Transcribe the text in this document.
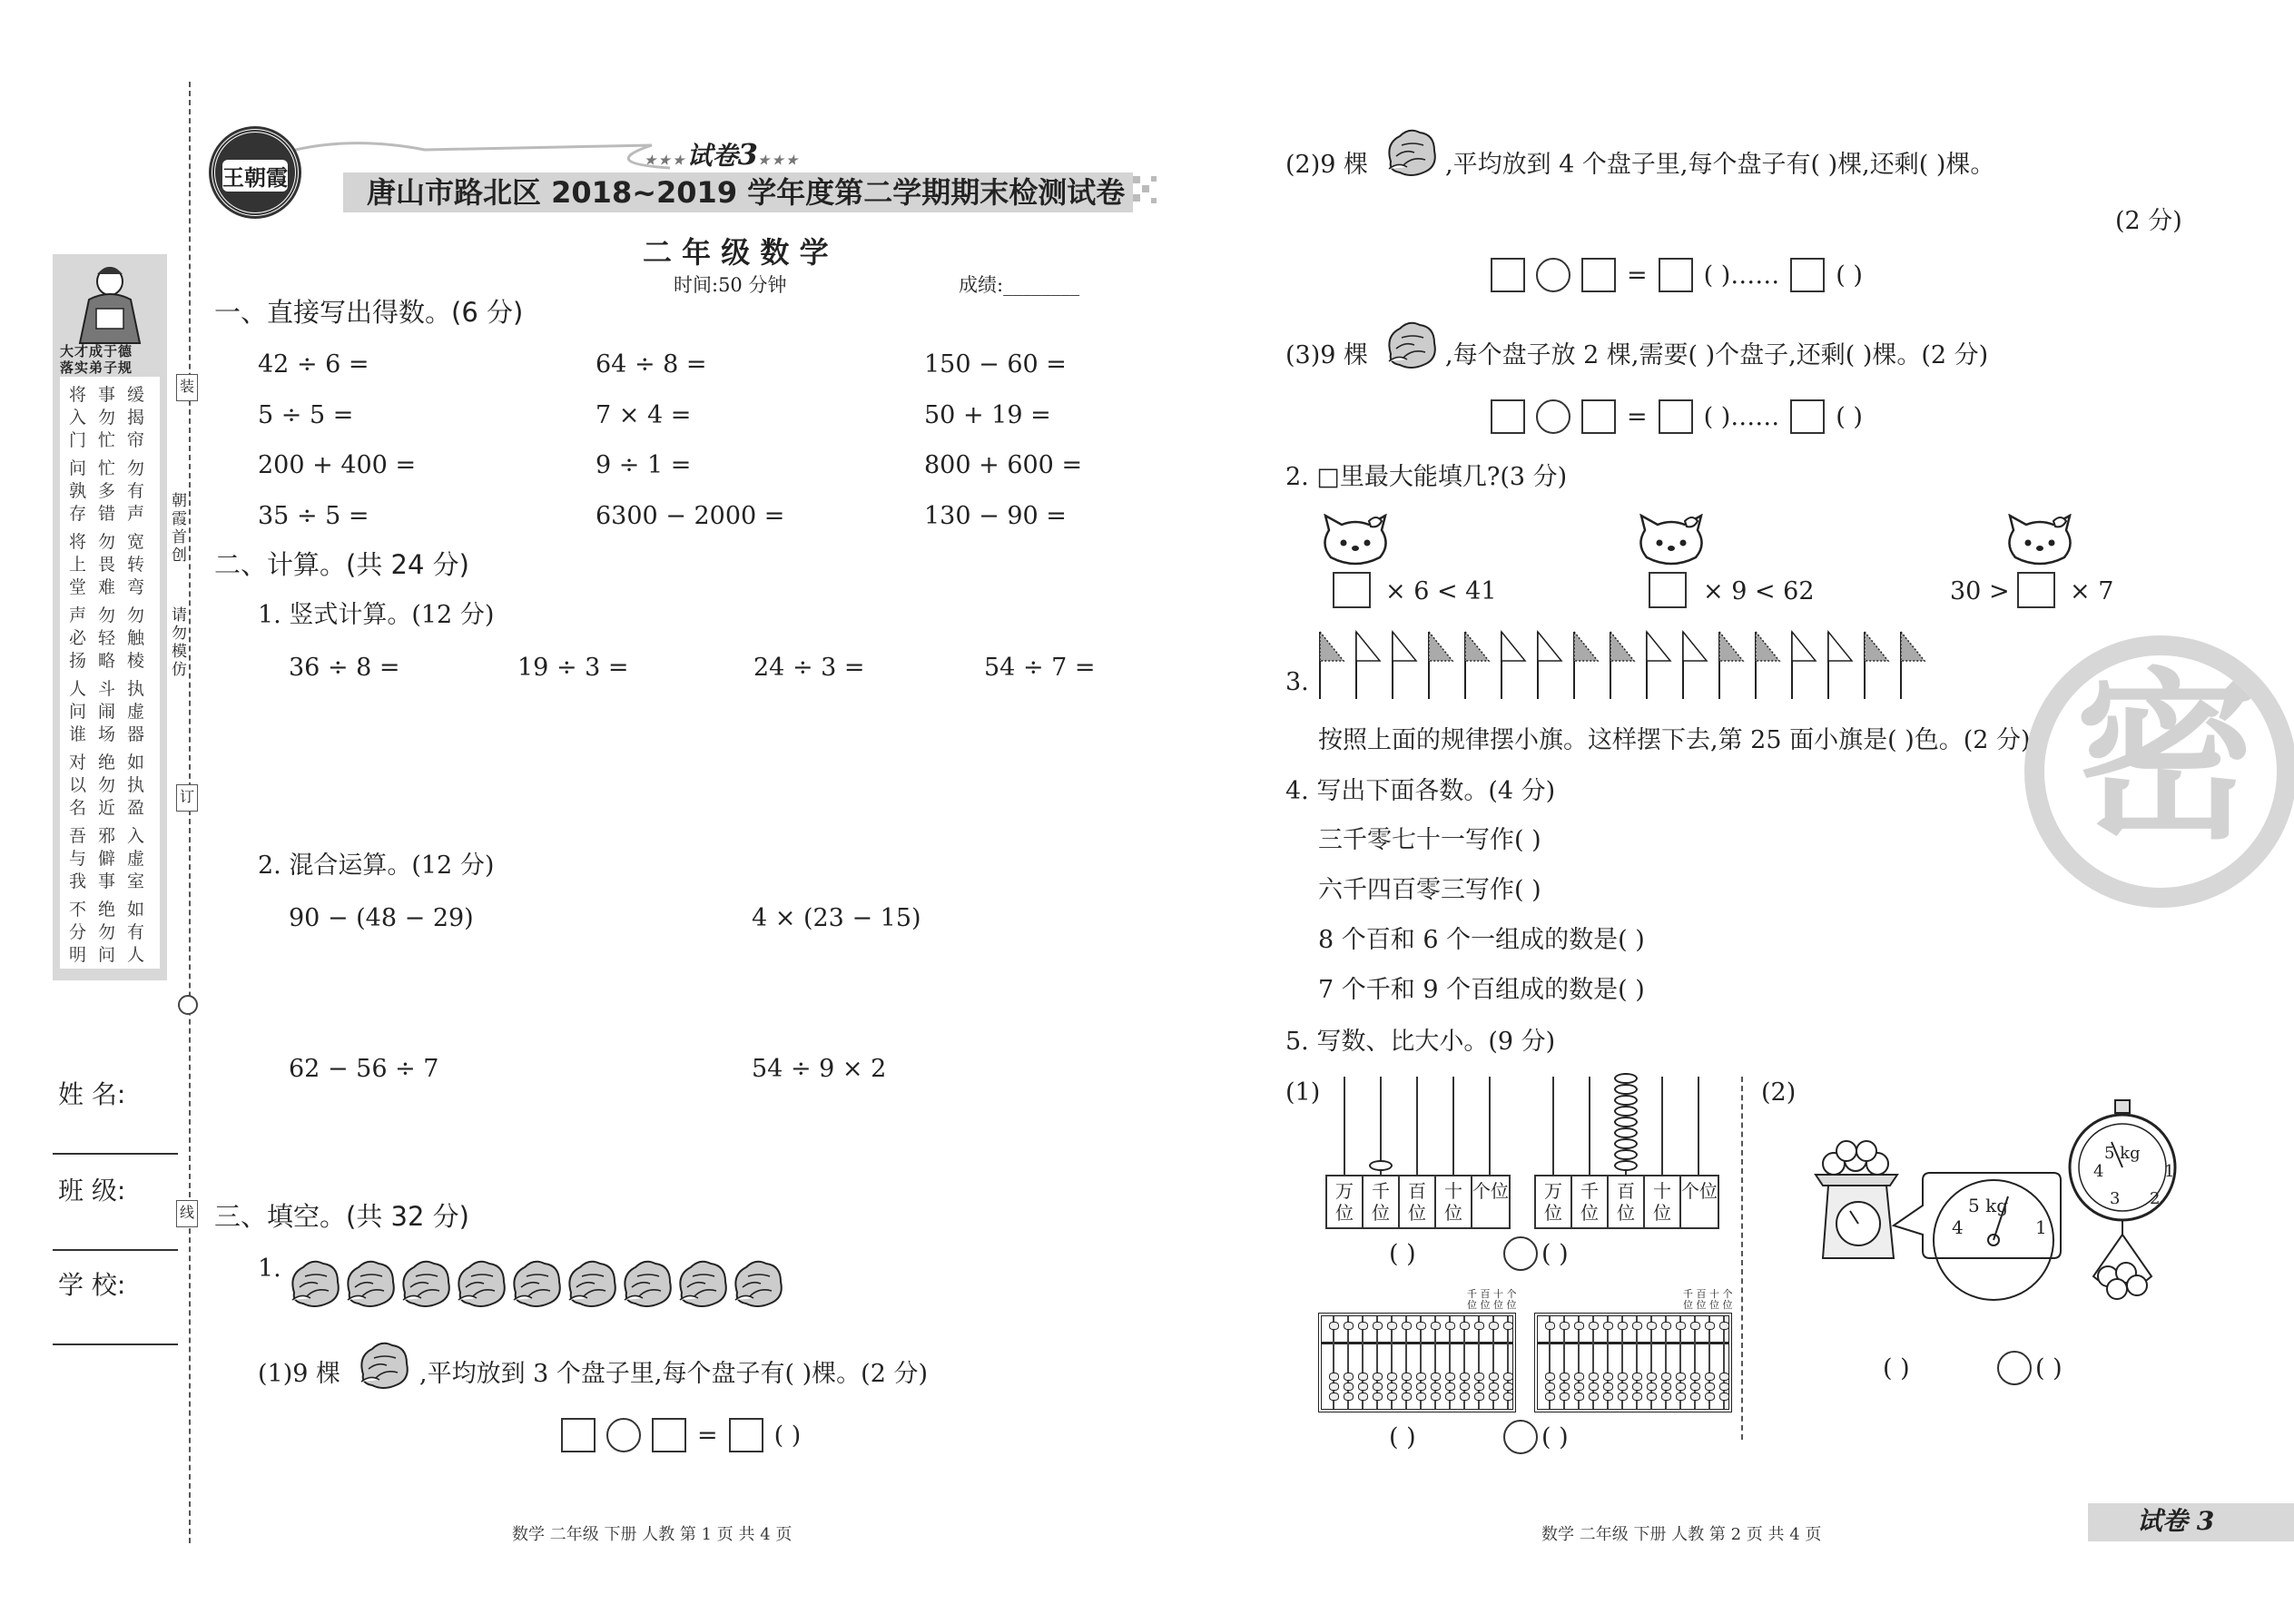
大才成于德
落实弟子规
将
入
门
事
勿
忙
缓
揭
帘
问
孰
存
忙
多
错
勿
有
声
将
上
堂
勿
畏
难
宽
转
弯
声
必
扬
勿
轻
略
勿
触
棱
人
问
谁
斗
闹
场
执
虚
器
对
以
名
绝
勿
近
如
执
盈
吾
与
我
邪
僻
事
入
虚
室
不
分
明
绝
勿
问
如
有
人
朝
霞
首
创
请
勿
模
仿
装
订
线
姓 名:
班 级:
学 校:
王朝霞
★★★试卷3★★★
唐山市路北区 2018~2019 学年度第二学期期末检测试卷
二 年 级 数 学
时间:50 分钟	成绩:________
一、直接写出得数。(6 分)
42 ÷ 6 =	64 ÷ 8 =	150 − 60 =
5 ÷ 5 =	7 × 4 =	50 + 19 =
200 + 400 =	9 ÷ 1 =	800 + 600 =
35 ÷ 5 =	6300 − 2000 =	130 − 90 =
二、计算。(共 24 分)
1. 竖式计算。(12 分)
36 ÷ 8 =	19 ÷ 3 =	24 ÷ 3 =	54 ÷ 7 =
2. 混合运算。(12 分)
90 − (48 − 29)	4 × (23 − 15)
62 − 56 ÷ 7	54 ÷ 9 × 2
三、填空。(共 32 分)
1.
(1)9 棵	,平均放到 3 个盘子里,每个盘子有( )棵。(2 分)
= ( )
(2)9 棵	,平均放到 4 个盘子里,每个盘子有( )棵,还剩( )棵。
(2 分)
= ( )…… ( )
(3)9 棵	,每个盘子放 2 棵,需要( )个盘子,还剩( )棵。(2 分)
= ( )…… ( )
2. □里最大能填几?(3 分)
× 6 < 41	× 9 < 62	30 > × 7
3.
按照上面的规律摆小旗。这样摆下去,第 25 面小旗是( )色。(2 分)
4. 写出下面各数。(4 分)
三千零七十一写作( )
六千四百零三写作( )
8 个百和 6 个一组成的数是( )
7 个千和 9 个百组成的数是( )
5. 写数、比大小。(9 分)
(1)	(2)
万位
千位
百位
十位
个位	万位
千位
百位
十位
个位
( )	( )
千 百 十 个
位 位 位 位
千 百 十 个
位 位 位 位
( )	( )
5 kg
4	1
5 kg
4	1
3 2
( )	( )
密
数学 二年级 下册 人教 第 1 页 共 4 页	数学 二年级 下册 人教 第 2 页 共 4 页	试卷 3
